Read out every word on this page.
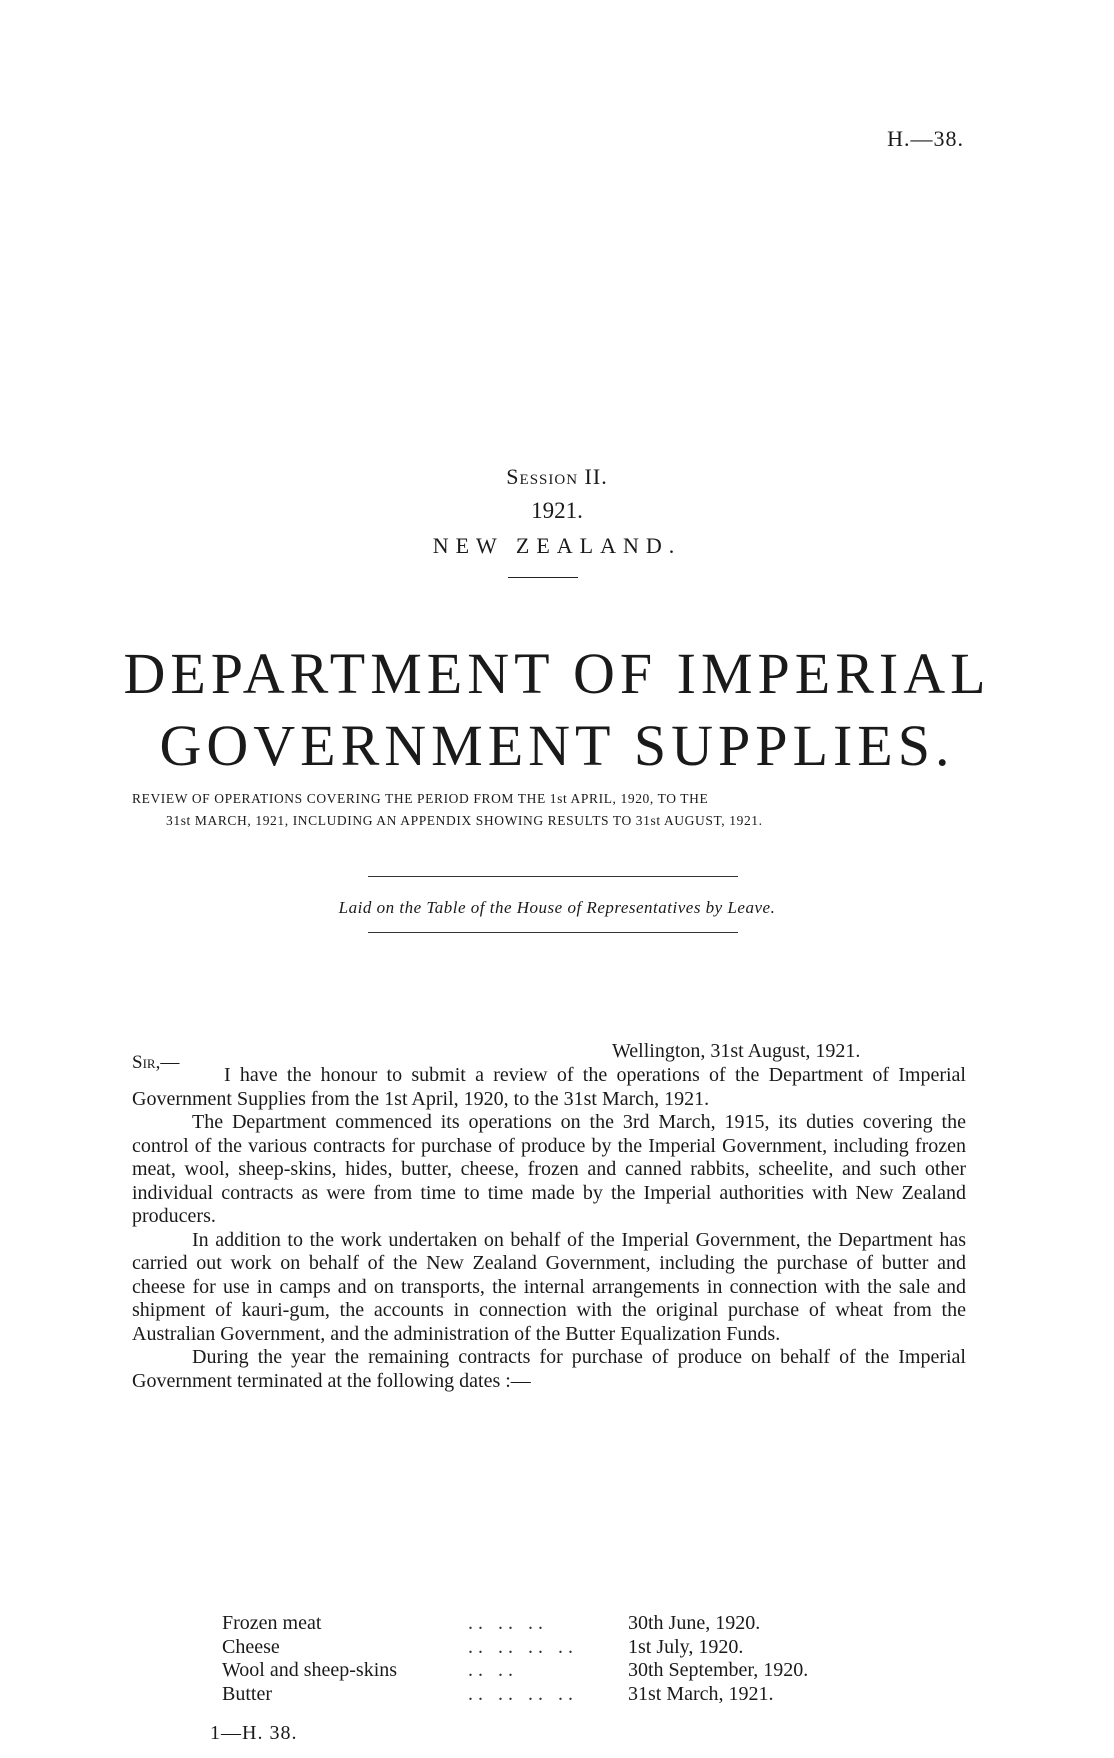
H.—38.
Session II.
1921.
NEW ZEALAND.
DEPARTMENT OF IMPERIAL
GOVERNMENT SUPPLIES.
REVIEW OF OPERATIONS COVERING THE PERIOD FROM THE 1st APRIL, 1920, TO THE
31st MARCH, 1921, INCLUDING AN APPENDIX SHOWING RESULTS TO 31st AUGUST, 1921.
Laid on the Table of the House of Representatives by Leave.
Sir,—
Wellington, 31st August, 1921.

I have the honour to submit a review of the operations of the Department of Imperial Government Supplies from the 1st April, 1920, to the 31st March, 1921.

The Department commenced its operations on the 3rd March, 1915, its duties covering the control of the various contracts for purchase of produce by the Imperial Government, including frozen meat, wool, sheep-skins, hides, butter, cheese, frozen and canned rabbits, scheelite, and such other individual contracts as were from time to time made by the Imperial authorities with New Zealand producers.

In addition to the work undertaken on behalf of the Imperial Government, the Department has carried out work on behalf of the New Zealand Government, including the purchase of butter and cheese for use in camps and on transports, the internal arrangements in connection with the sale and shipment of kauri-gum, the accounts in connection with the original purchase of wheat from the Australian Government, and the administration of the Butter Equalization Funds.

During the year the remaining contracts for purchase of produce on behalf of the Imperial Government terminated at the following dates :—

Frozen meat	.. .. ..	30th June, 1920.
Cheese	.. .. .. ..	1st July, 1920.
Wool and sheep-skins	.. ..	30th September, 1920.
Butter	.. .. .. ..	31st March, 1921.
1—H. 38.
